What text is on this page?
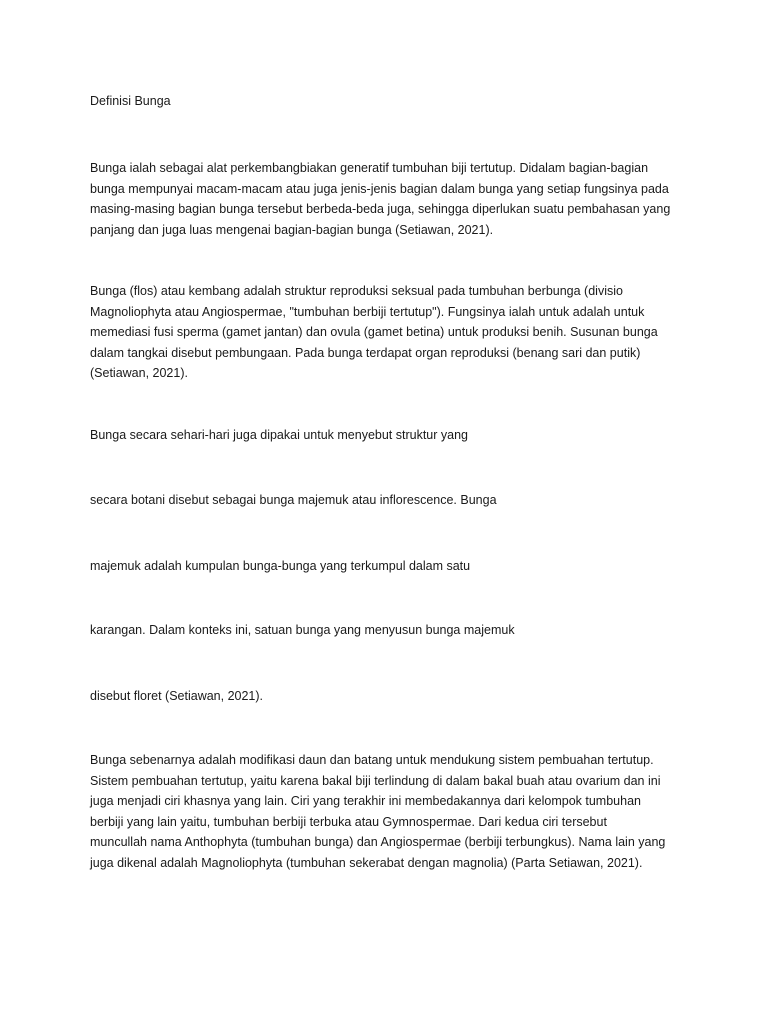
Definisi Bunga

Bunga ialah sebagai alat perkembangbiakan generatif tumbuhan biji tertutup. Didalam bagian-bagian
bunga mempunyai macam-macam atau juga jenis-jenis bagian dalam bunga yang setiap fungsinya pada
masing-masing bagian bunga tersebut berbeda-beda juga, sehingga diperlukan suatu pembahasan yang
panjang dan juga luas mengenai bagian-bagian bunga (Setiawan, 2021).

Bunga (flos) atau kembang adalah struktur reproduksi seksual pada tumbuhan berbunga (divisio
Magnoliophyta atau Angiospermae, "tumbuhan berbiji tertutup"). Fungsinya ialah untuk adalah untuk
memediasi fusi sperma (gamet jantan) dan ovula (gamet betina) untuk produksi benih. Susunan bunga
dalam tangkai disebut pembungaan. Pada bunga terdapat organ reproduksi (benang sari dan putik)
(Setiawan, 2021).

Bunga secara sehari-hari juga dipakai untuk menyebut struktur yang

secara botani disebut sebagai bunga majemuk atau inflorescence. Bunga

majemuk adalah kumpulan bunga-bunga yang terkumpul dalam satu

karangan. Dalam konteks ini, satuan bunga yang menyusun bunga majemuk

disebut floret (Setiawan, 2021).

Bunga sebenarnya adalah modifikasi daun dan batang untuk mendukung sistem pembuahan tertutup.
Sistem pembuahan tertutup, yaitu karena bakal biji terlindung di dalam bakal buah atau ovarium dan ini
juga menjadi ciri khasnya yang lain. Ciri yang terakhir ini membedakannya dari kelompok tumbuhan
berbiji yang lain yaitu, tumbuhan berbiji terbuka atau Gymnospermae. Dari kedua ciri tersebut
muncullah nama Anthophyta (tumbuhan bunga) dan Angiospermae (berbiji terbungkus). Nama lain yang
juga dikenal adalah Magnoliophyta (tumbuhan sekerabat dengan magnolia) (Parta Setiawan, 2021).
